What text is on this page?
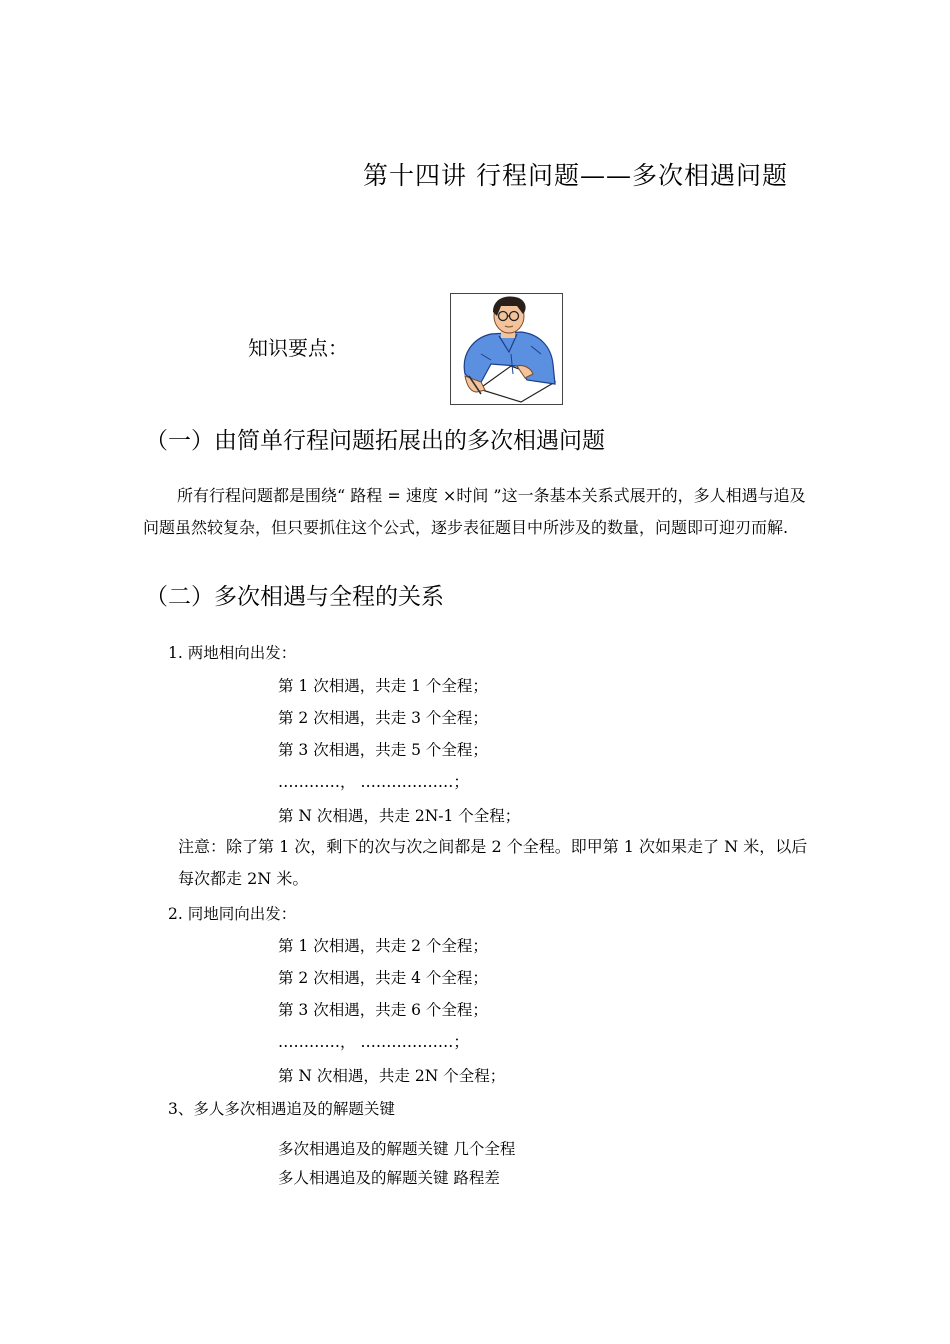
第十四讲 行程问题——多次相遇问题
知识要点：
（一）由简单行程问题拓展出的多次相遇问题
所有行程问题都是围绕“ 路程 = 速度 ×时间 ”这一条基本关系式展开的，多人相遇与追及问题虽然较复杂，但只要抓住这个公式，逐步表征题目中所涉及的数量，问题即可迎刃而解.
（二）多次相遇与全程的关系
1. 两地相向出发：
第 1 次相遇，共走 1 个全程；
第 2 次相遇，共走 3 个全程；
第 3 次相遇，共走 5 个全程；
…………， ………………；
第 N 次相遇，共走 2N-1 个全程；
注意：除了第 1 次，剩下的次与次之间都是 2 个全程。即甲第 1 次如果走了 N 米，以后每次都走 2N 米。
2. 同地同向出发：
第 1 次相遇，共走 2 个全程；
第 2 次相遇，共走 4 个全程；
第 3 次相遇，共走 6 个全程；
…………， ………………；
第 N 次相遇，共走 2N 个全程；
3、多人多次相遇追及的解题关键
多次相遇追及的解题关键 几个全程
多人相遇追及的解题关键 路程差
